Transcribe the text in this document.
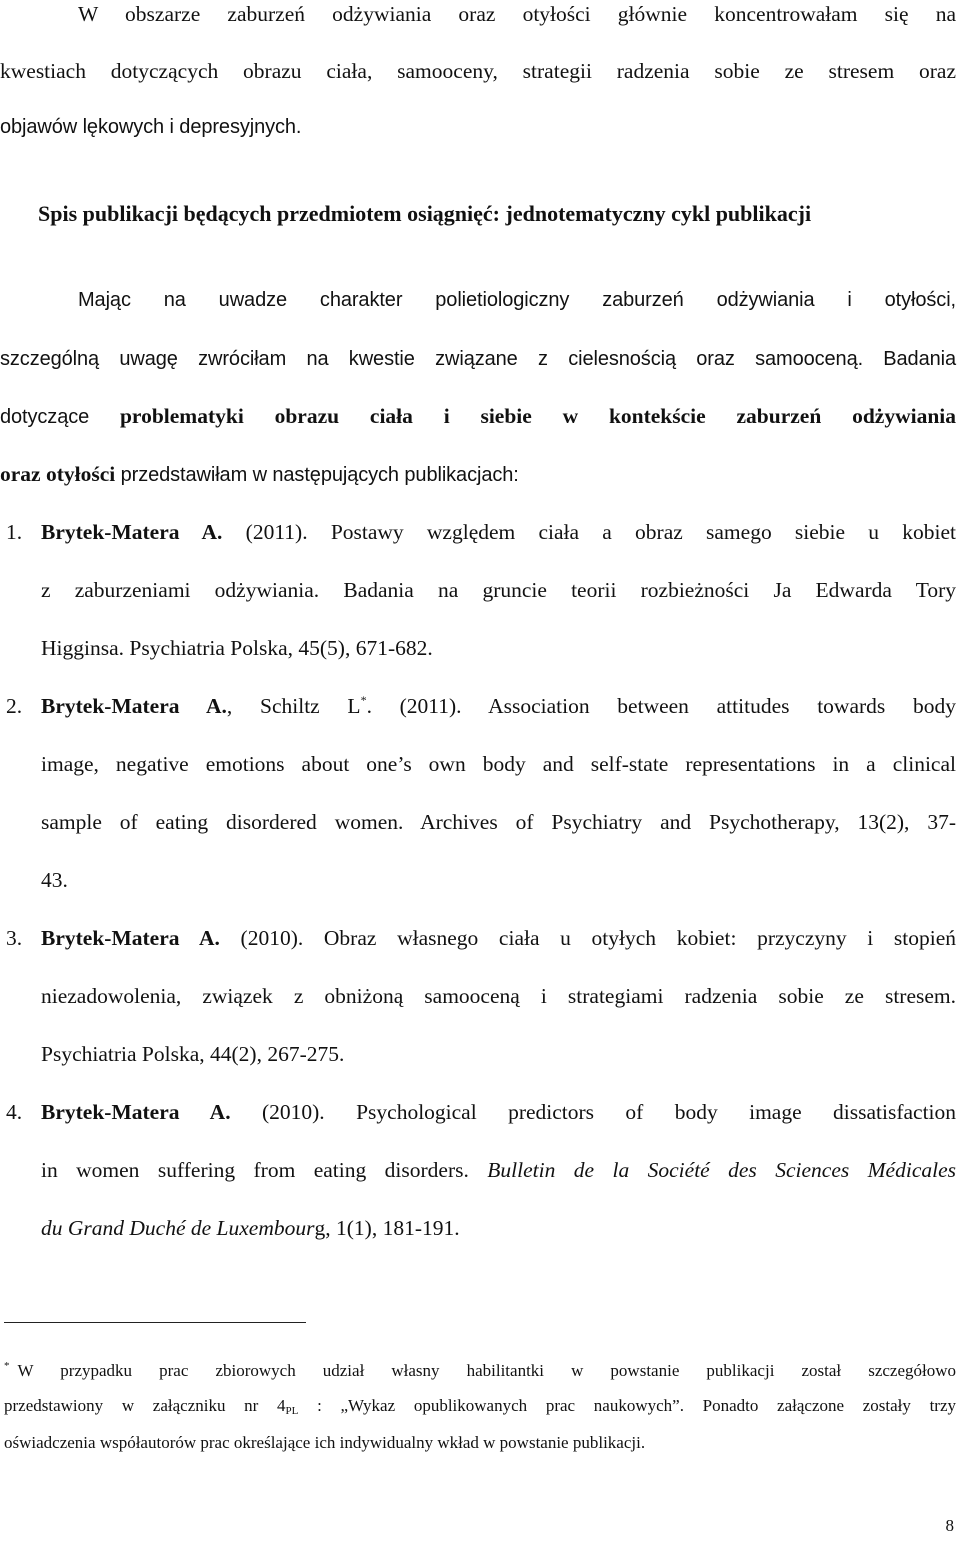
W obszarze zaburzeń odżywiania oraz otyłości głównie koncentrowałam się na
kwestiach dotyczących obrazu ciała, samooceny, strategii radzenia sobie ze stresem oraz
objawów lękowych i depresyjnych.
Spis publikacji będących przedmiotem osiągnięć: jednotematyczny cykl publikacji
Mając na uwadze charakter polietiologiczny zaburzeń odżywiania i otyłości,
szczególną uwagę zwróciłam na kwestie związane z cielesnością oraz samooceną. Badania
dotyczące problematyki obrazu ciała i siebie w kontekście zaburzeń odżywiania
oraz otyłości przedstawiłam w następujących publikacjach:
1. Brytek-Matera A. (2011). Postawy względem ciała a obraz samego siebie u kobiet
z zaburzeniami odżywiania. Badania na gruncie teorii rozbieżności Ja Edwarda Tory
Higginsa. Psychiatria Polska, 45(5), 671-682.
2. Brytek-Matera A., Schiltz L*. (2011). Association between attitudes towards body
image, negative emotions about one’s own body and self-state representations in a clinical
sample of eating disordered women. Archives of Psychiatry and Psychotherapy, 13(2), 37-
43.
3. Brytek-Matera A. (2010). Obraz własnego ciała u otyłych kobiet: przyczyny i stopień
niezadowolenia, związek z obniżoną samooceną i strategiami radzenia sobie ze stresem.
Psychiatria Polska, 44(2), 267-275.
4. Brytek-Matera A. (2010). Psychological predictors of body image dissatisfaction
in women suffering from eating disorders. Bulletin de la Société des Sciences Médicales
du Grand Duché de Luxembourg, 1(1), 181-191.
* W przypadku prac zbiorowych udział własny habilitantki w powstanie publikacji został szczegółowo
przedstawiony w załączniku nr 4PL : „Wykaz opublikowanych prac naukowych”. Ponadto załączone zostały trzy
oświadczenia współautorów prac określające ich indywidualny wkład w powstanie publikacji.
8
